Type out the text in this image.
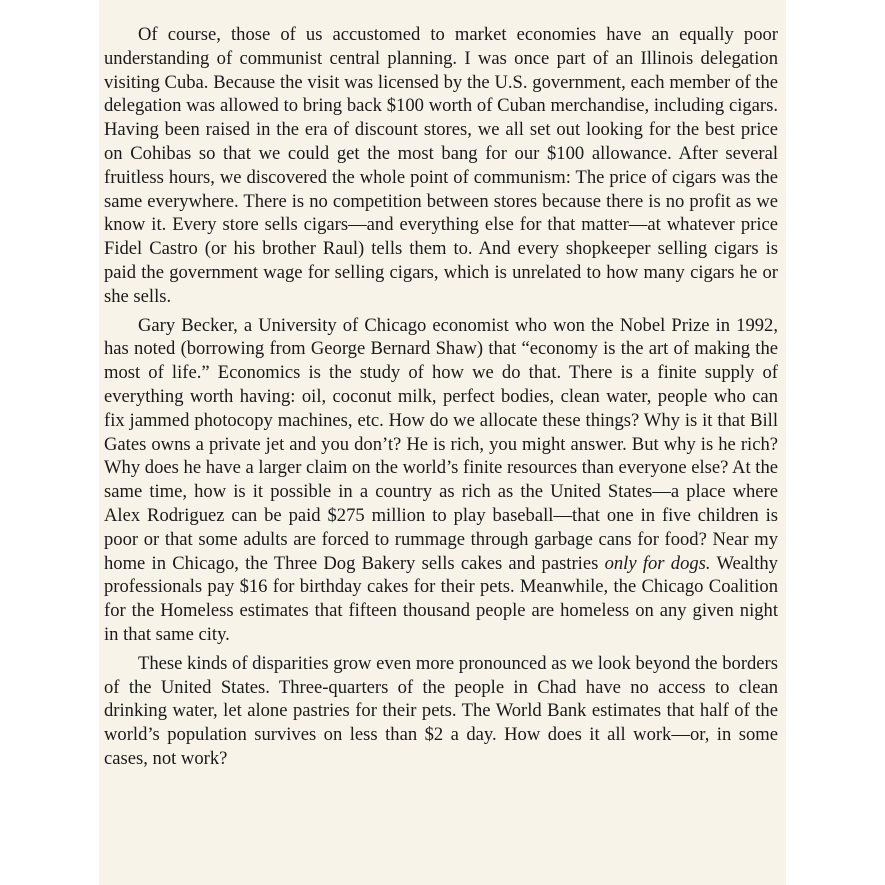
Of course, those of us accustomed to market economies have an equally poor understanding of communist central planning. I was once part of an Illinois delegation visiting Cuba. Because the visit was licensed by the U.S. government, each member of the delegation was allowed to bring back $100 worth of Cuban merchandise, including cigars. Having been raised in the era of discount stores, we all set out looking for the best price on Cohibas so that we could get the most bang for our $100 allowance. After several fruitless hours, we discovered the whole point of communism: The price of cigars was the same everywhere. There is no competition between stores because there is no profit as we know it. Every store sells cigars—and everything else for that matter—at whatever price Fidel Castro (or his brother Raul) tells them to. And every shopkeeper selling cigars is paid the government wage for selling cigars, which is unrelated to how many cigars he or she sells.

Gary Becker, a University of Chicago economist who won the Nobel Prize in 1992, has noted (borrowing from George Bernard Shaw) that “economy is the art of making the most of life.” Economics is the study of how we do that. There is a finite supply of everything worth having: oil, coconut milk, perfect bodies, clean water, people who can fix jammed photocopy machines, etc. How do we allocate these things? Why is it that Bill Gates owns a private jet and you don’t? He is rich, you might answer. But why is he rich? Why does he have a larger claim on the world’s finite resources than everyone else? At the same time, how is it possible in a country as rich as the United States—a place where Alex Rodriguez can be paid $275 million to play baseball—that one in five children is poor or that some adults are forced to rummage through garbage cans for food? Near my home in Chicago, the Three Dog Bakery sells cakes and pastries only for dogs. Wealthy professionals pay $16 for birthday cakes for their pets. Meanwhile, the Chicago Coalition for the Homeless estimates that fifteen thousand people are homeless on any given night in that same city.

These kinds of disparities grow even more pronounced as we look beyond the borders of the United States. Three-quarters of the people in Chad have no access to clean drinking water, let alone pastries for their pets. The World Bank estimates that half of the world’s population survives on less than $2 a day. How does it all work—or, in some cases, not work?
